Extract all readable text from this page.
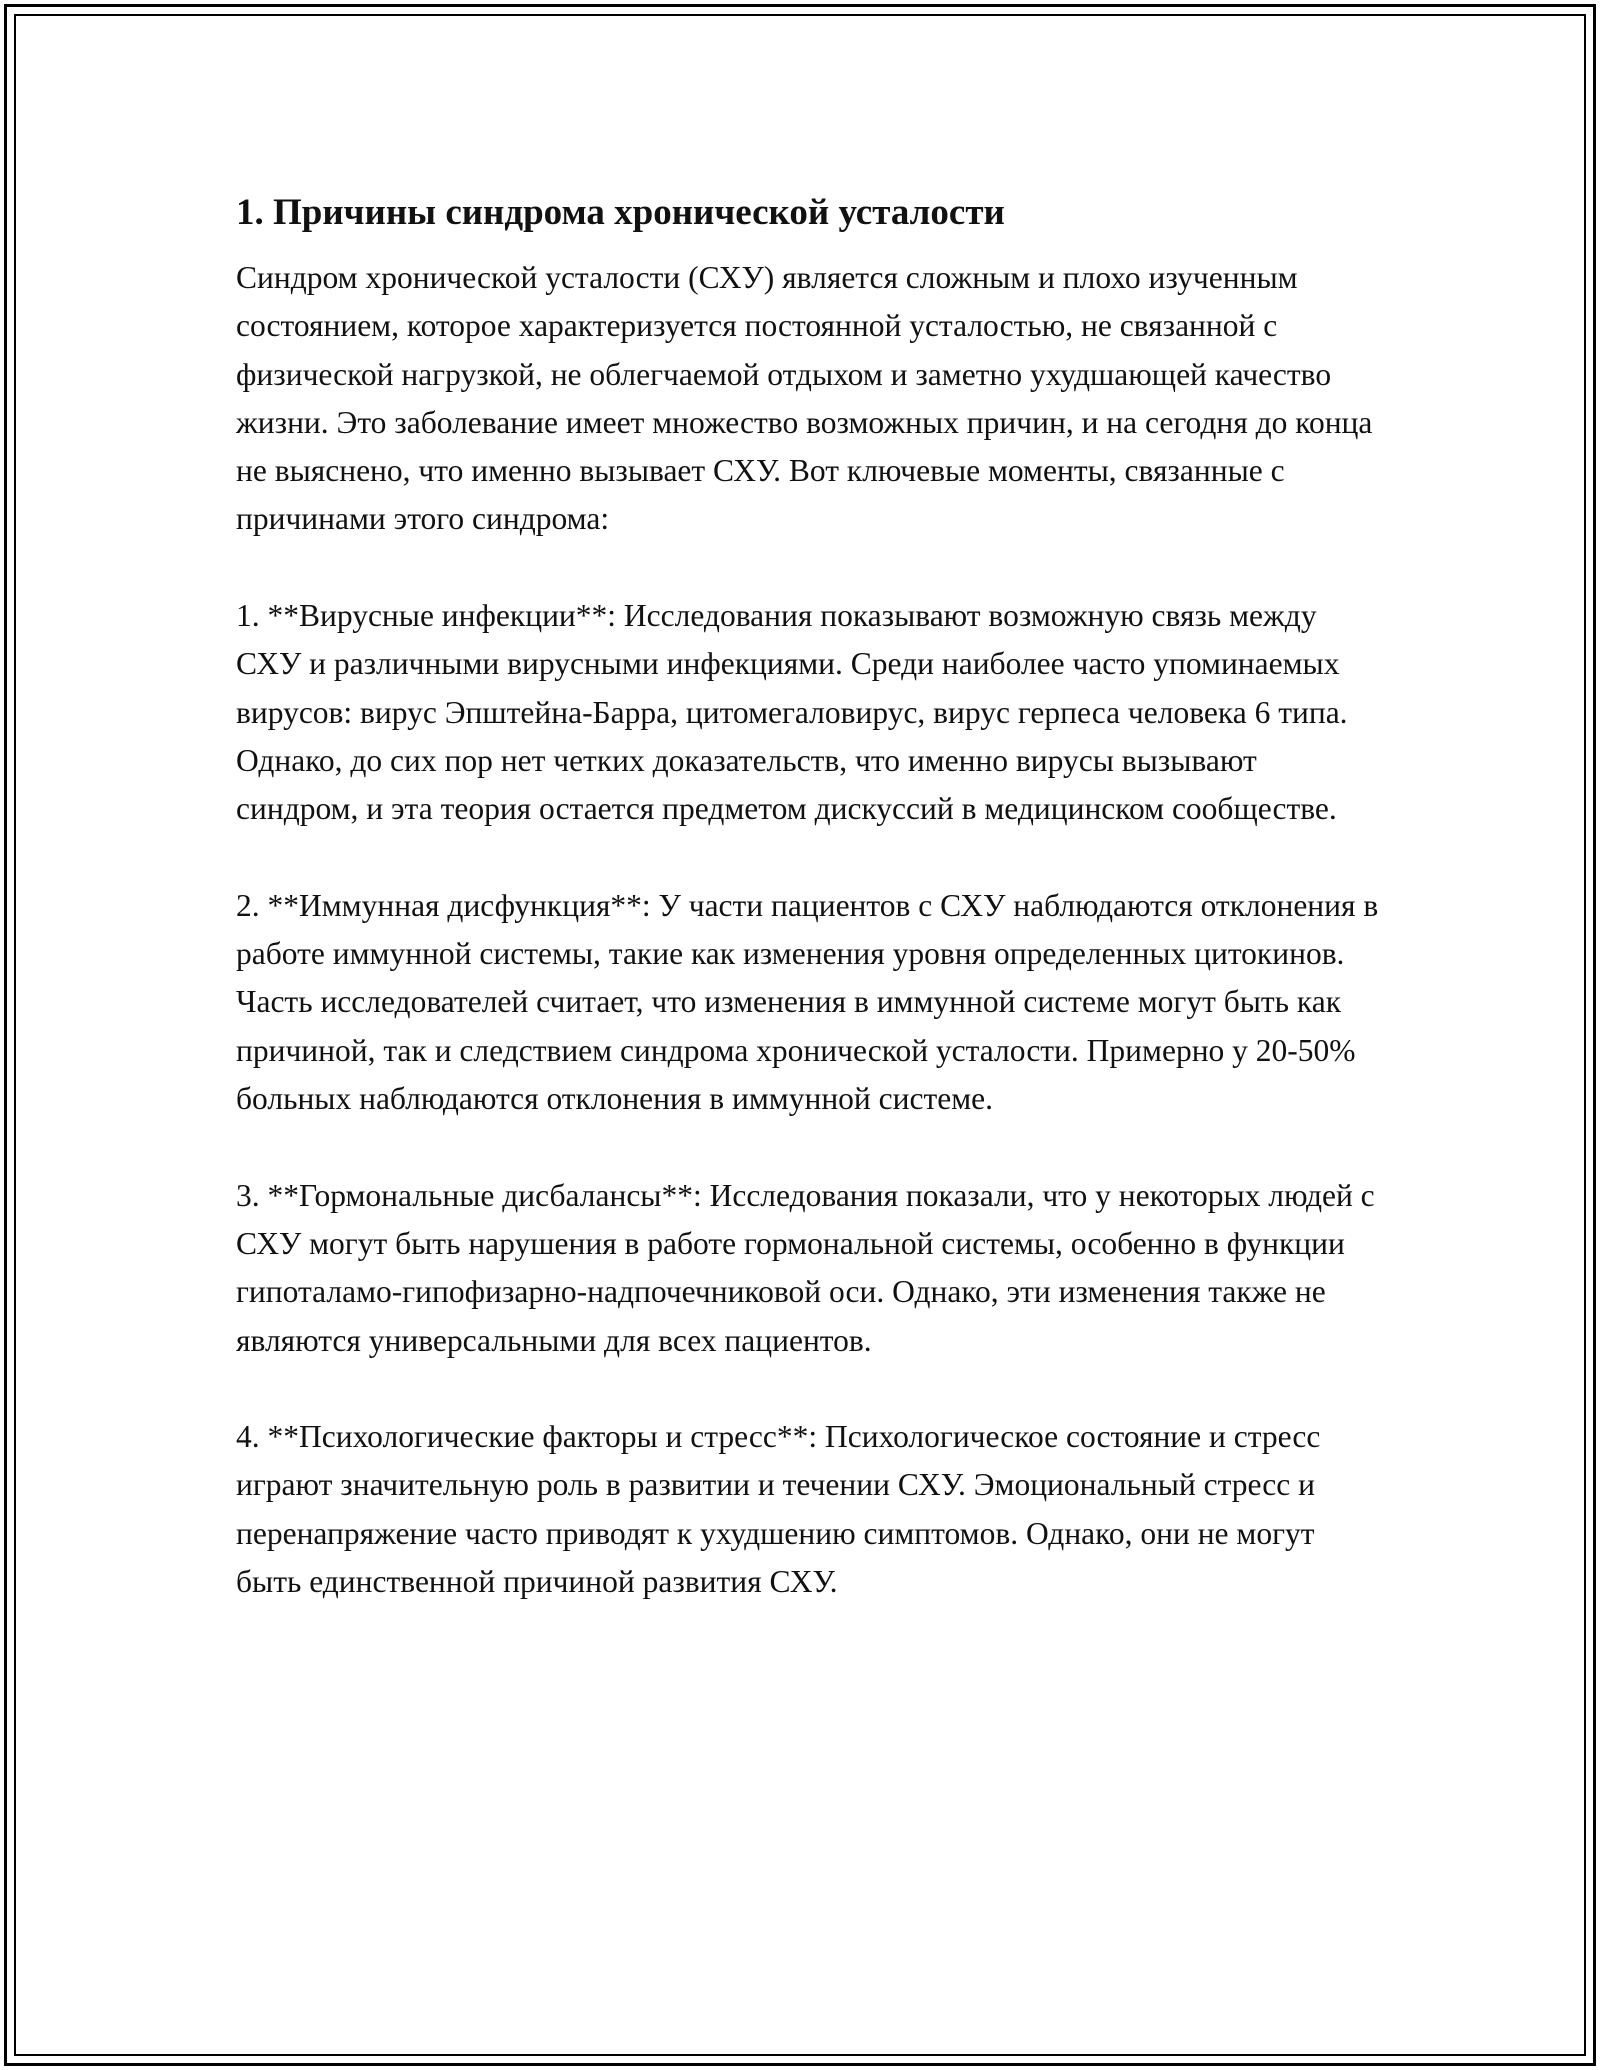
1. Причины синдрома хронической усталости

Синдром хронической усталости (СХУ) является сложным и плохо изученным состоянием, которое характеризуется постоянной усталостью, не связанной с физической нагрузкой, не облегчаемой отдыхом и заметно ухудшающей качество жизни. Это заболевание имеет множество возможных причин, и на сегодня до конца не выяснено, что именно вызывает СХУ. Вот ключевые моменты, связанные с причинами этого синдрома:

1. **Вирусные инфекции**: Исследования показывают возможную связь между СХУ и различными вирусными инфекциями. Среди наиболее часто упоминаемых вирусов: вирус Эпштейна-Барра, цитомегаловирус, вирус герпеса человека 6 типа. Однако, до сих пор нет четких доказательств, что именно вирусы вызывают синдром, и эта теория остается предметом дискуссий в медицинском сообществе.

2. **Иммунная дисфункция**: У части пациентов с СХУ наблюдаются отклонения в работе иммунной системы, такие как изменения уровня определенных цитокинов. Часть исследователей считает, что изменения в иммунной системе могут быть как причиной, так и следствием синдрома хронической усталости. Примерно у 20-50% больных наблюдаются отклонения в иммунной системе.

3. **Гормональные дисбалансы**: Исследования показали, что у некоторых людей с СХУ могут быть нарушения в работе гормональной системы, особенно в функции гипоталамо-гипофизарно-надпочечниковой оси. Однако, эти изменения также не являются универсальными для всех пациентов.

4. **Психологические факторы и стресс**: Психологическое состояние и стресс играют значительную роль в развитии и течении СХУ. Эмоциональный стресс и перенапряжение часто приводят к ухудшению симптомов. Однако, они не могут быть единственной причиной развития СХУ.
